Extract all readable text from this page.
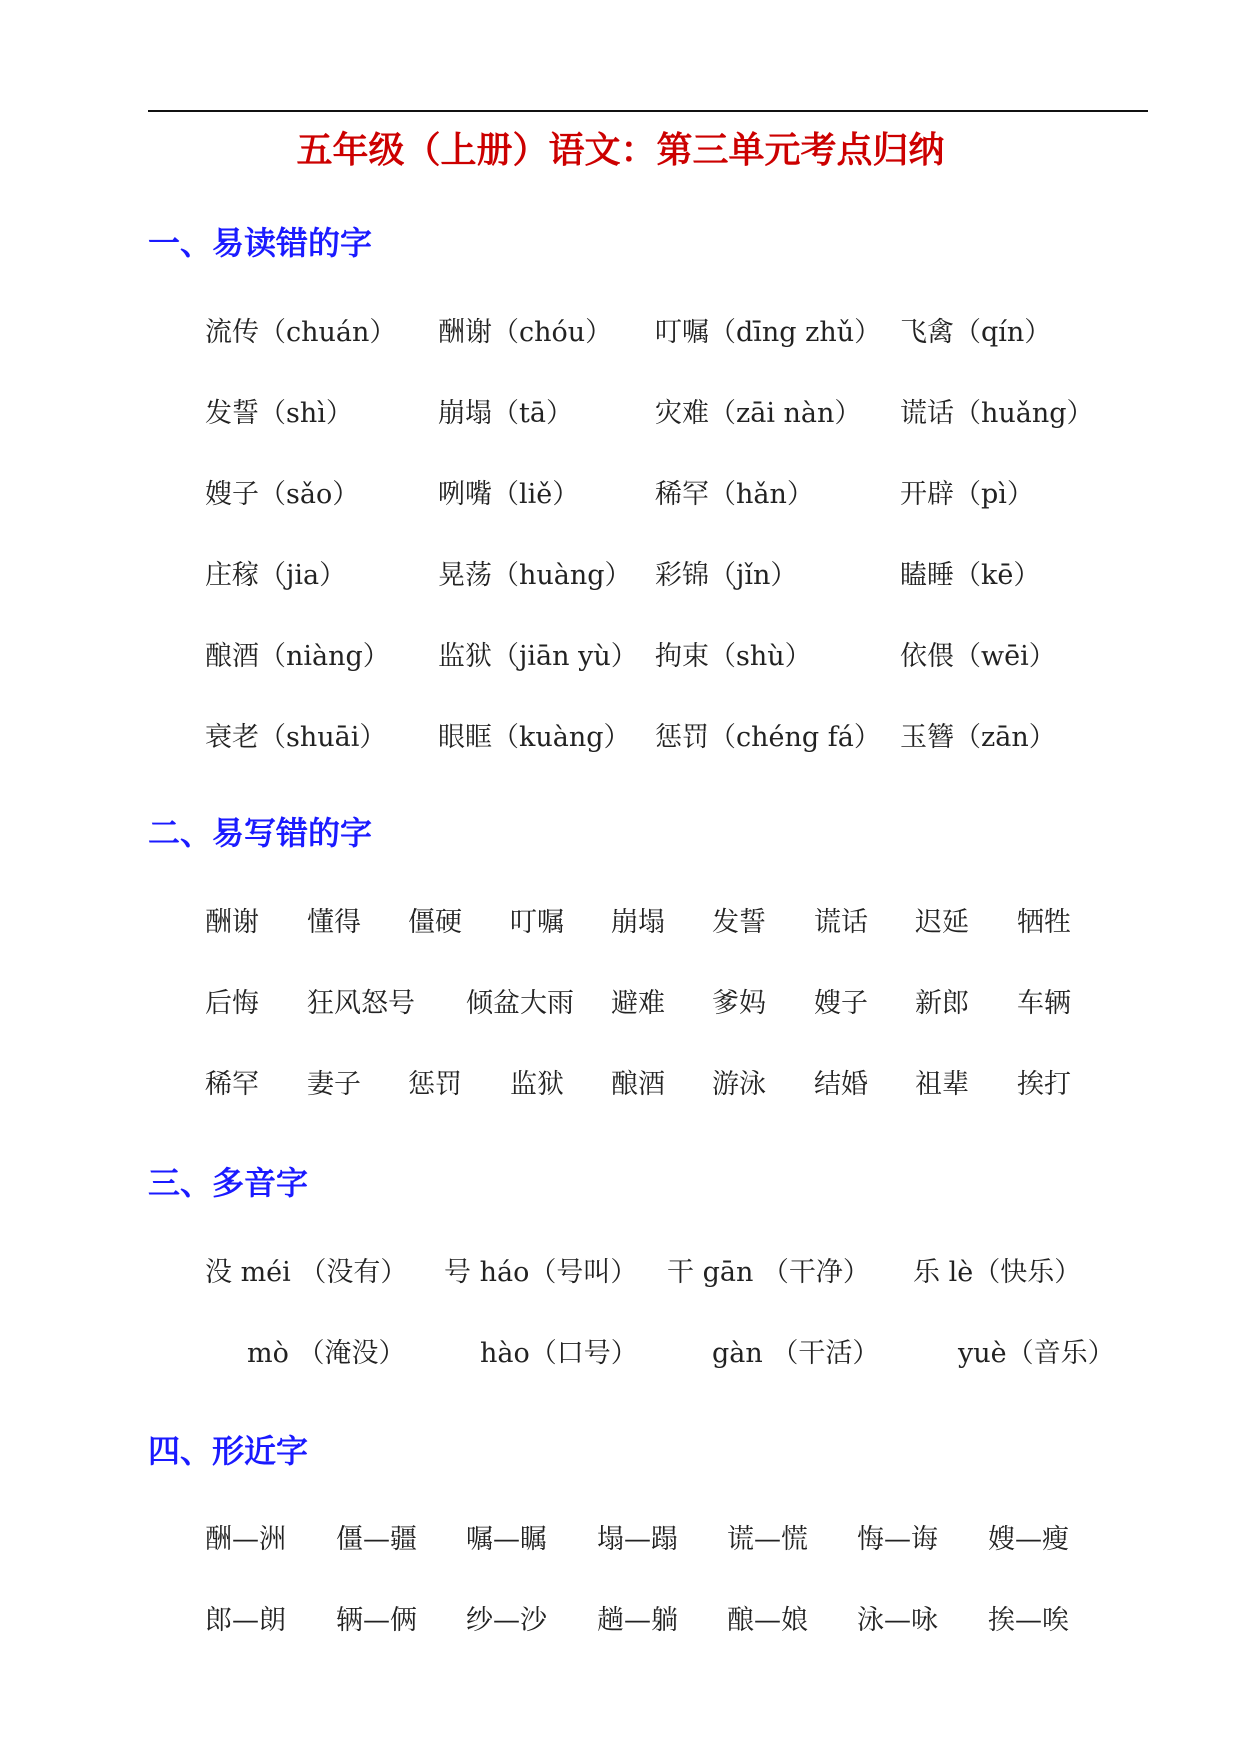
五年级（上册）语文：第三单元考点归纳
一、易读错的字
流传（chuán） 酬谢（chóu） 叮嘱（dīng zhǔ） 飞禽（qín）
发誓（shì）	崩塌（tā）	灾难（zāi nàn） 谎话（huǎng）
嫂子（sǎo）	咧嘴（liě）	稀罕（hǎn）	开辟（pì）
庄稼（jia）	晃荡（huàng） 彩锦（jǐn）	瞌睡（kē）
酿酒（niàng） 监狱（jiān yù） 拘束（shù）	依偎（wēi）
衰老（shuāi） 眼眶（kuàng） 惩罚（chéng fá） 玉簪（zān）
二、易写错的字
酬谢 懂得 僵硬 叮嘱 崩塌 发誓 谎话 迟延 牺牲
后悔 狂风怒号 倾盆大雨 避难 爹妈 嫂子 新郎 车辆
稀罕 妻子 惩罚 监狱 酿酒 游泳 结婚 祖辈 挨打
三、多音字
没 méi （没有） 号 háo（号叫） 干 gān （干净） 乐 lè（快乐）
mò （淹没）	hào（口号）	gàn （干活）	yuè（音乐）
四、形近字
酬—洲 僵—疆 嘱—瞩 塌—蹋 谎—慌 悔—诲 嫂—瘦
郎—朗 辆—俩 纱—沙 趟—躺 酿—娘 泳—咏 挨—唉
